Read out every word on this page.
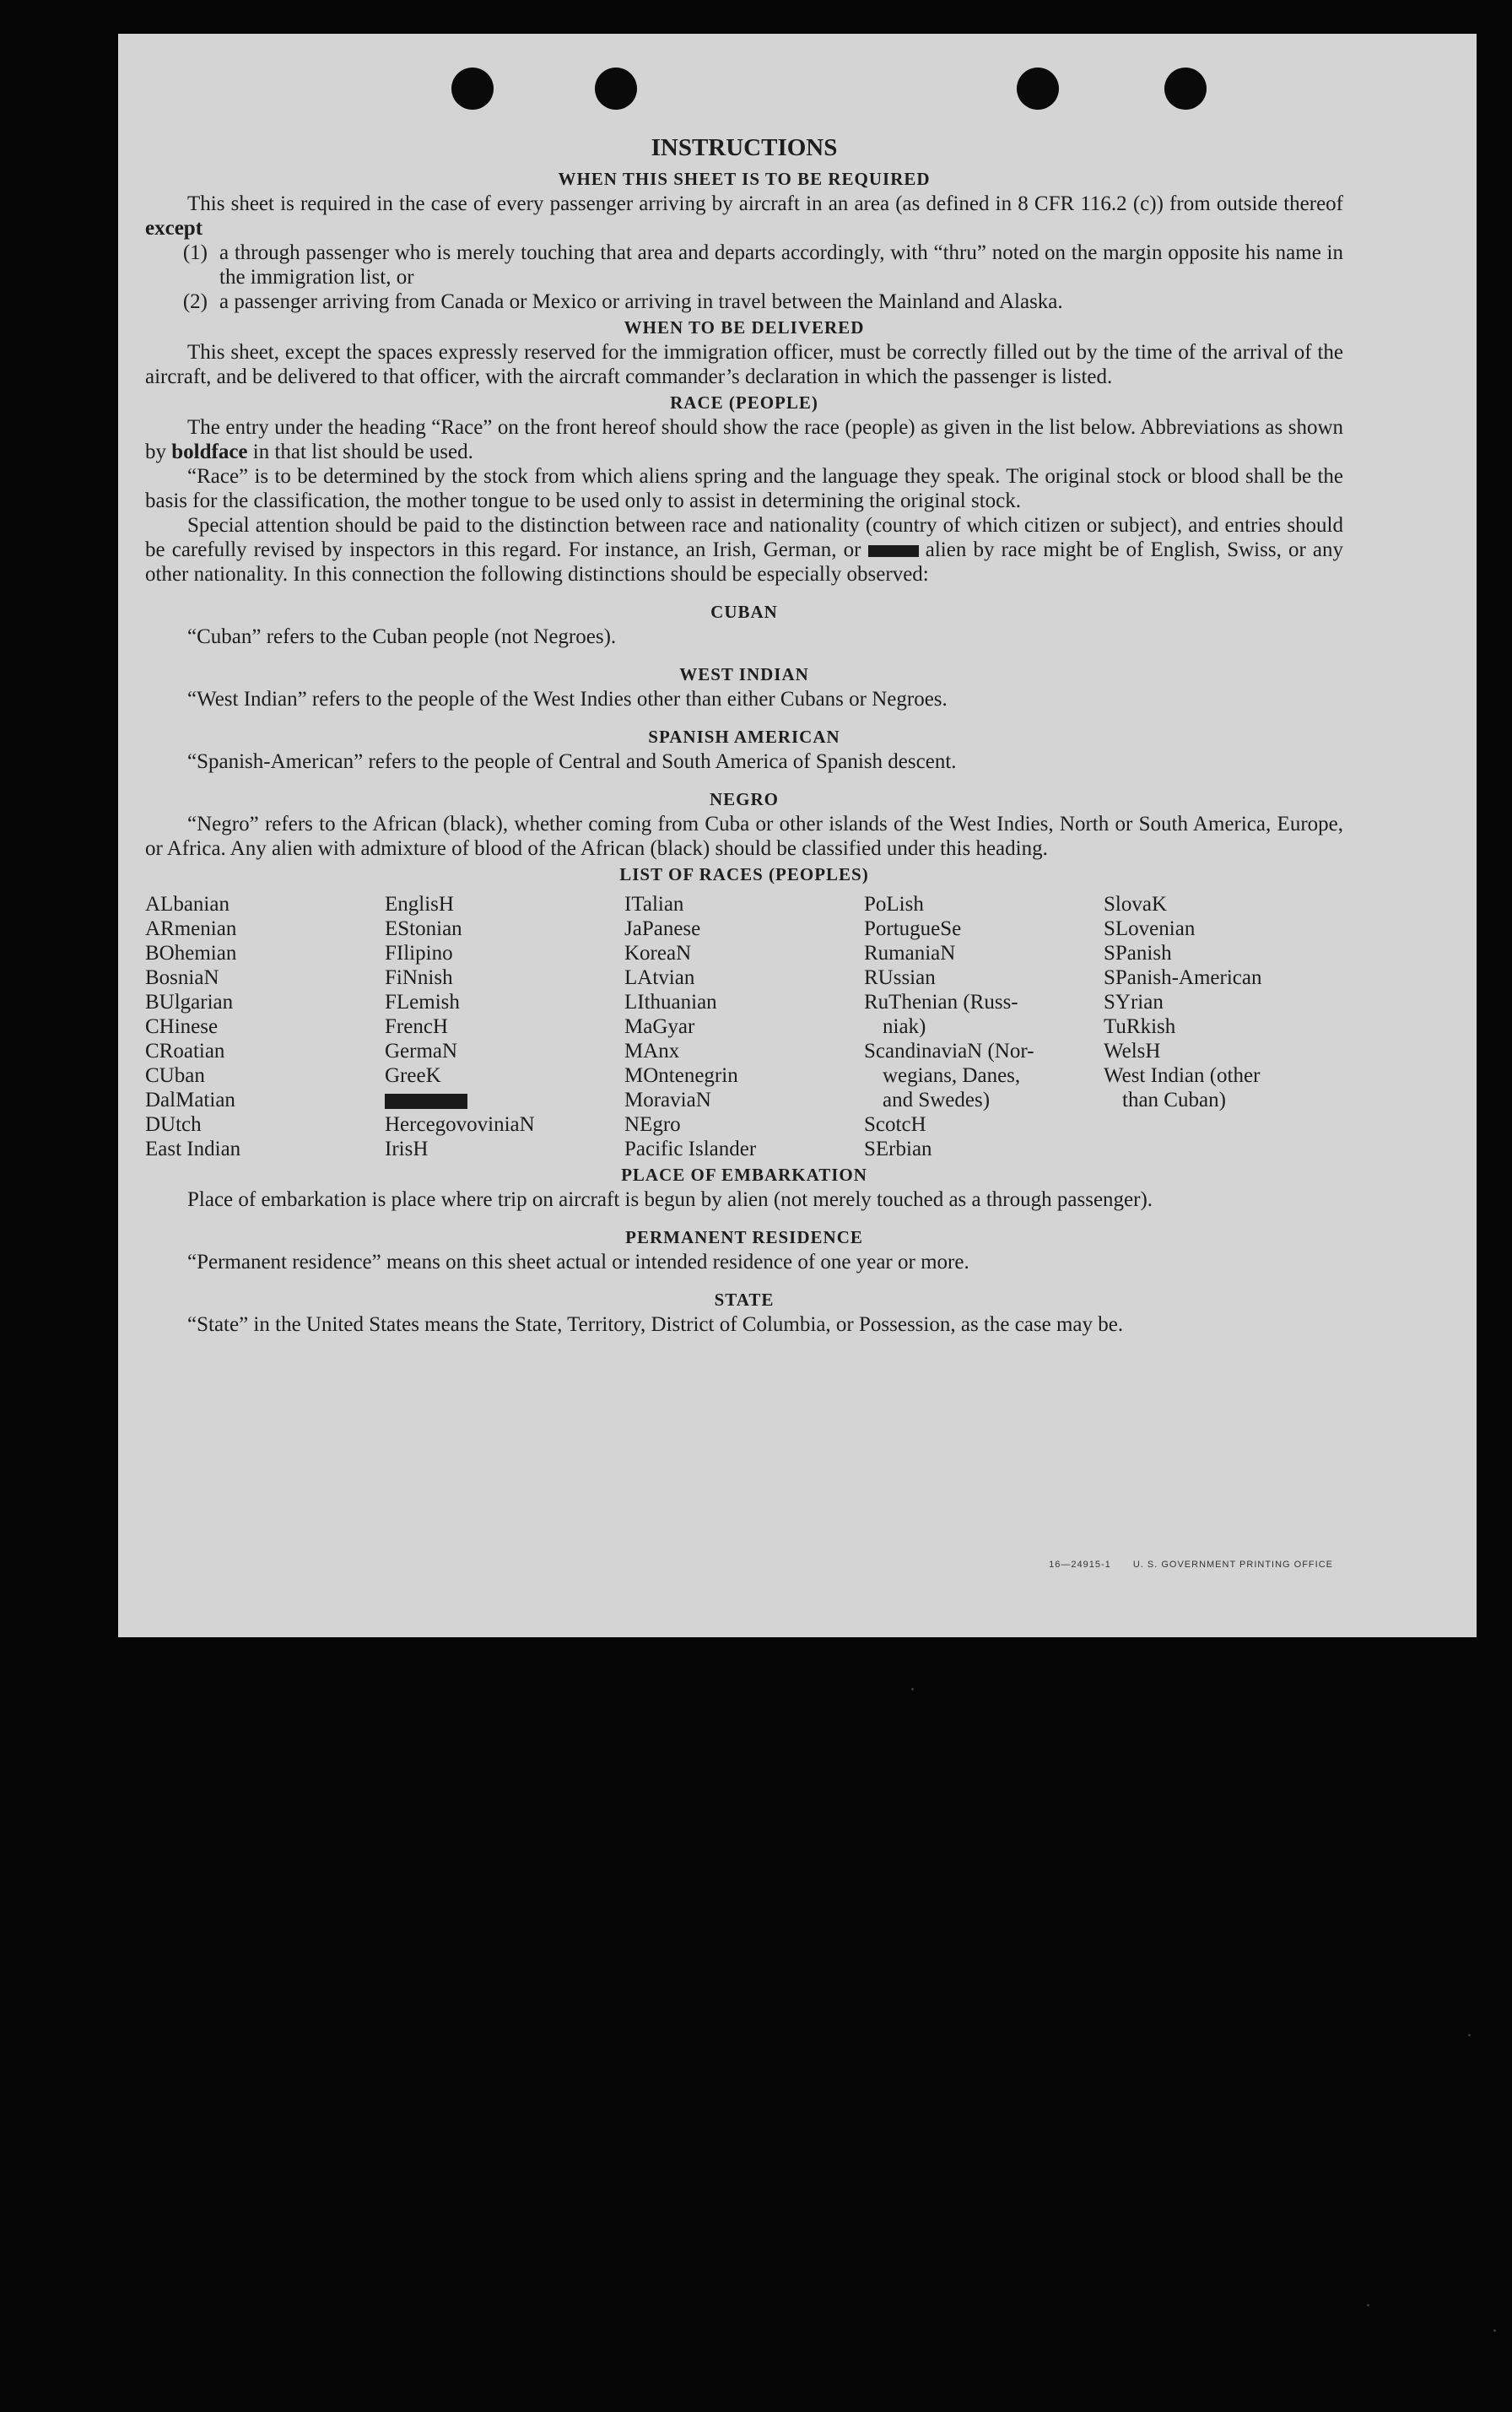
INSTRUCTIONS
WHEN THIS SHEET IS TO BE REQUIRED

This sheet is required in the case of every passenger arriving by aircraft in an area (as defined in 8 CFR 116.2 (c)) from outside thereof except

(1) a through passenger who is merely touching that area and departs accordingly, with “thru” noted on the margin opposite his name in the immigration list, or
(2) a passenger arriving from Canada or Mexico or arriving in travel between the Mainland and Alaska.
WHEN TO BE DELIVERED

This sheet, except the spaces expressly reserved for the immigration officer, must be correctly filled out by the time of the arrival of the aircraft, and be delivered to that officer, with the aircraft commander’s declaration in which the passenger is listed.

RACE (PEOPLE)

The entry under the heading “Race” on the front hereof should show the race (people) as given in the list below. Abbreviations as shown by boldface in that list should be used.

“Race” is to be determined by the stock from which aliens spring and the language they speak. The original stock or blood shall be the basis for the classification, the mother tongue to be used only to assist in determining the original stock.

Special attention should be paid to the distinction between race and nationality (country of which citizen or subject), and entries should be carefully revised by inspectors in this regard. For instance, an Irish, German, or	alien by race might be of English, Swiss, or any other nationality. In this connection the following distinctions should be especially observed:

CUBAN

“Cuban” refers to the Cuban people (not Negroes).

WEST INDIAN

“West Indian” refers to the people of the West Indies other than either Cubans or Negroes.

SPANISH AMERICAN

“Spanish-American” refers to the people of Central and South America of Spanish descent.

NEGRO

“Negro” refers to the African (black), whether coming from Cuba or other islands of the West Indies, North or South America, Europe, or Africa. Any alien with admixture of blood of the African (black) should be classified under this heading.

LIST OF RACES (PEOPLES)
ALbanian
ARmenian
BOhemian
BosniaN
BUlgarian
CHinese
CRoatian
CUban
DalMatian
DUtch
East Indian
EnglisH
EStonian
FIlipino
FiNnish
FLemish
FrencH
GermaN
GreeK
HercegovoviniaN
IrisH
ITalian
JaPanese
KoreaN
LAtvian
LIthuanian
MaGyar
MAnx
MOntenegrin
MoraviaN
NEgro
Pacific Islander
PoLish
PortugueSe
RumaniaN
RUssian
RuThenian (Russ-
niak)
ScandinaviaN (Nor-
wegians, Danes,
and Swedes)
ScotcH
SErbian
SlovaK
SLovenian
SPanish
SPanish-American
SYrian
TuRkish
WelsH
West Indian (other
than Cuban)
PLACE OF EMBARKATION

Place of embarkation is place where trip on aircraft is begun by alien (not merely touched as a through passenger).

PERMANENT RESIDENCE

“Permanent residence” means on this sheet actual or intended residence of one year or more.

STATE

“State” in the United States means the State, Territory, District of Columbia, or Possession, as the case may be.

16—24915-1 U. S. GOVERNMENT PRINTING OFFICE
